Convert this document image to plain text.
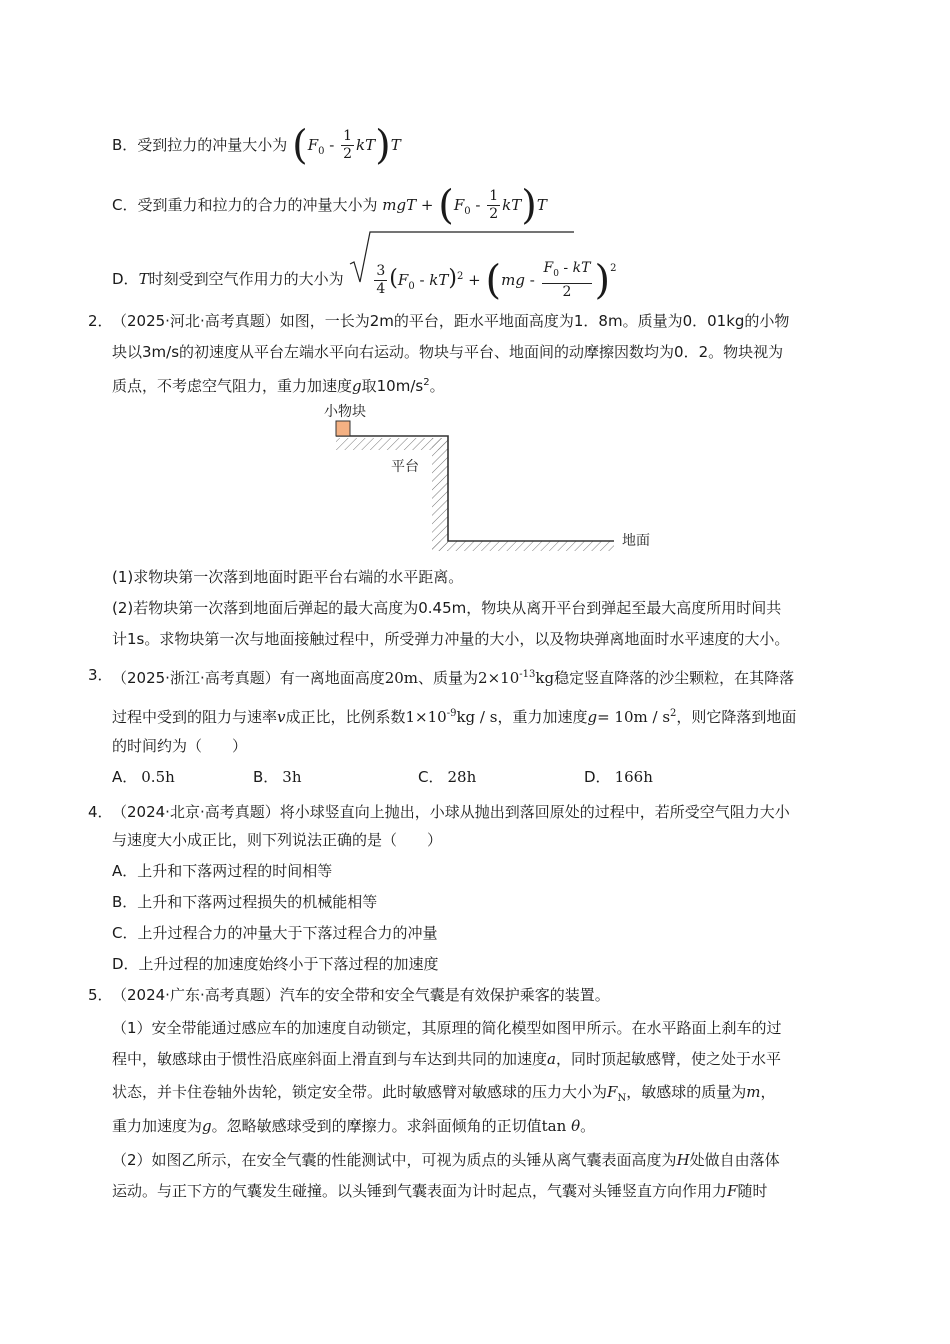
B．受到拉力的冲量大小为 $(F_0 - \frac{1}{2} kT)T$
C．受到重力和拉力的合力的冲量大小为 mgT + $(F_0 - \frac{1}{2} kT)T$
D．T时刻受到空气作用力的大小为 $\frac{3}{4} (F_0 - kT)^2 + (mg - \frac{F_0 - kT}{2} )^2$
2． （2025·河北·高考真题）如图，一长为2m的平台，距水平地面高度为1．8m。质量为0．01kg的小物
块以3m/s的初速度从平台左端水平向右运动。物块与平台、地面间的动摩擦因数均为0．2。物块视为
质点，不考虑空气阻力，重力加速度g取$10m/s^2$。
小物块
平台
地面
(1)求物块第一次落到地面时距平台右端的水平距离。
(2)若物块第一次落到地面后弹起的最大高度为0.45m，物块从离开平台到弹起至最大高度所用时间共
计1s。求物块第一次与地面接触过程中，所受弹力冲量的大小，以及物块弹离地面时水平速度的大小。
3． （2025·浙江·高考真题）有一离地面高度20m、质量为$2\times 10^{-13}kg$稳定竖直降落的沙尘颗粒，在其降落
过程中受到的阻力与速率v成正比，比例系数$1\times 10^{-9}kg / s$，重力加速度$g= 10m / s^2$，则它降落到地面
的时间约为（　　）
A． 0.5h	B． 3h	C． 28h	D． 166h
4． （2024·北京·高考真题）将小球竖直向上抛出，小球从抛出到落回原处的过程中，若所受空气阻力大小
与速度大小成正比，则下列说法正确的是（　　）
A．上升和下落两过程的时间相等
B．上升和下落两过程损失的机械能相等
C．上升过程合力的冲量大于下落过程合力的冲量
D．上升过程的加速度始终小于下落过程的加速度
5． （2024·广东·高考真题）汽车的安全带和安全气囊是有效保护乘客的装置。
（1）安全带能通过感应车的加速度自动锁定，其原理的简化模型如图甲所示。在水平路面上刹车的过
程中，敏感球由于惯性沿底座斜面上滑直到与车达到共同的加速度a，同时顶起敏感臂，使之处于水平
状态，并卡住卷轴外齿轮，锁定安全带。此时敏感臂对敏感球的压力大小为$F_N$，敏感球的质量为m，
重力加速度为g。忽略敏感球受到的摩擦力。求斜面倾角的正切值tan θ。
（2）如图乙所示，在安全气囊的性能测试中，可视为质点的头锤从离气囊表面高度为H处做自由落体
运动。与正下方的气囊发生碰撞。以头锤到气囊表面为计时起点，气囊对头锤竖直方向作用力F随时
